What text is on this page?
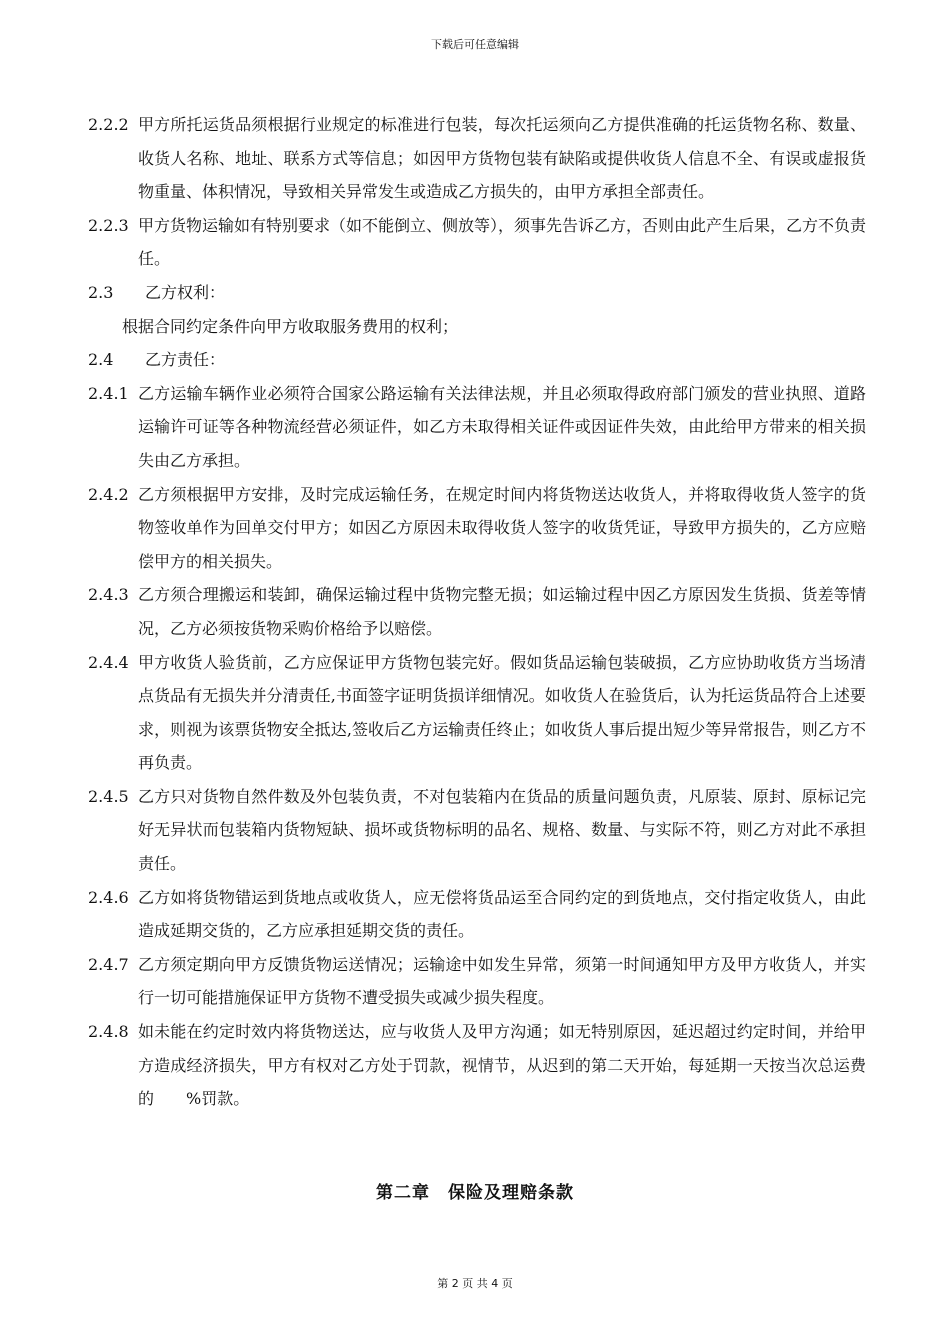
下载后可任意编辑
2.2.2 甲方所托运货品须根据行业规定的标准进行包装，每次托运须向乙方提供准确的托运货物名称、数量、收货人名称、地址、联系方式等信息；如因甲方货物包装有缺陷或提供收货人信息不全、有误或虚报货物重量、体积情况，导致相关异常发生或造成乙方损失的，由甲方承担全部责任。
2.2.3 甲方货物运输如有特别要求（如不能倒立、侧放等），须事先告诉乙方，否则由此产生后果，乙方不负责任。
2.3	乙方权利：
根据合同约定条件向甲方收取服务费用的权利；
2.4	乙方责任：
2.4.1 乙方运输车辆作业必须符合国家公路运输有关法律法规，并且必须取得政府部门颁发的营业执照、道路运输许可证等各种物流经营必须证件，如乙方未取得相关证件或因证件失效，由此给甲方带来的相关损失由乙方承担。
2.4.2 乙方须根据甲方安排，及时完成运输任务，在规定时间内将货物送达收货人，并将取得收货人签字的货物签收单作为回单交付甲方；如因乙方原因未取得收货人签字的收货凭证，导致甲方损失的，乙方应赔偿甲方的相关损失。
2.4.3 乙方须合理搬运和装卸，确保运输过程中货物完整无损；如运输过程中因乙方原因发生货损、货差等情况，乙方必须按货物采购价格给予以赔偿。
2.4.4 甲方收货人验货前，乙方应保证甲方货物包装完好。假如货品运输包装破损，乙方应协助收货方当场清点货品有无损失并分清责任,书面签字证明货损详细情况。如收货人在验货后，认为托运货品符合上述要求，则视为该票货物安全抵达,签收后乙方运输责任终止；如收货人事后提出短少等异常报告，则乙方不再负责。
2.4.5 乙方只对货物自然件数及外包装负责，不对包装箱内在货品的质量问题负责，凡原装、原封、原标记完好无异状而包装箱内货物短缺、损坏或货物标明的品名、规格、数量、与实际不符，则乙方对此不承担责任。
2.4.6 乙方如将货物错运到货地点或收货人，应无偿将货品运至合同约定的到货地点，交付指定收货人，由此造成延期交货的，乙方应承担延期交货的责任。
2.4.7 乙方须定期向甲方反馈货物运送情况；运输途中如发生异常，须第一时间通知甲方及甲方收货人，并实行一切可能措施保证甲方货物不遭受损失或减少损失程度。
2.4.8 如未能在约定时效内将货物送达，应与收货人及甲方沟通；如无特别原因，延迟超过约定时间，并给甲方造成经济损失，甲方有权对乙方处于罚款，视情节，从迟到的第二天开始，每延期一天按当次总运费的　　%罚款。
第二章　保险及理赔条款
第 2 页 共 4 页
